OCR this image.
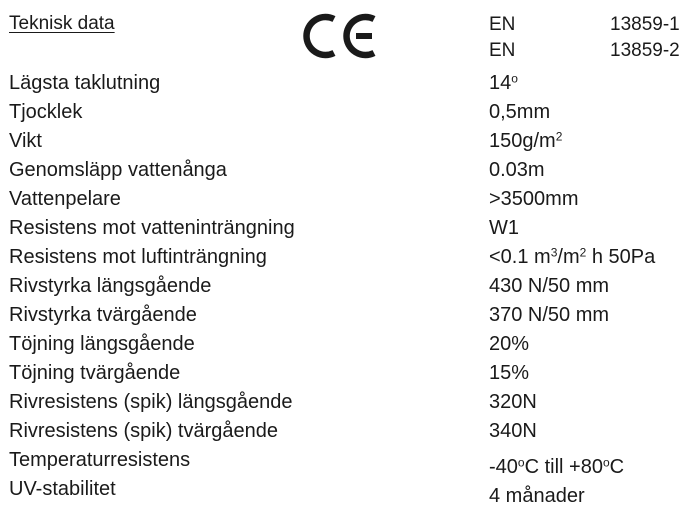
Teknisk data	EN	13859-1
EN	13859-2
Lägsta taklutning	14$^o$
Tjocklek	0,5mm
Vikt	$150g/m^2$
Genomsläpp vattenånga	0.03m
Vattenpelare	>3500mm
Resistens mot vatteninträngning	W1
Resistens mot luftinträngning	<0.1 $m^3/m^2$ h 50Pa
Rivstyrka längsgående	430 N/50 mm
Rivstyrka tvärgående	370 N/50 mm
Töjning längsgående	20%
Töjning tvärgående	15%
Rivresistens (spik) längsgående	320N
Rivresistens (spik) tvärgående	340N
Temperaturresistens	-40$^o$C till $+80^oC$
UV-stabilitet	4 månader
